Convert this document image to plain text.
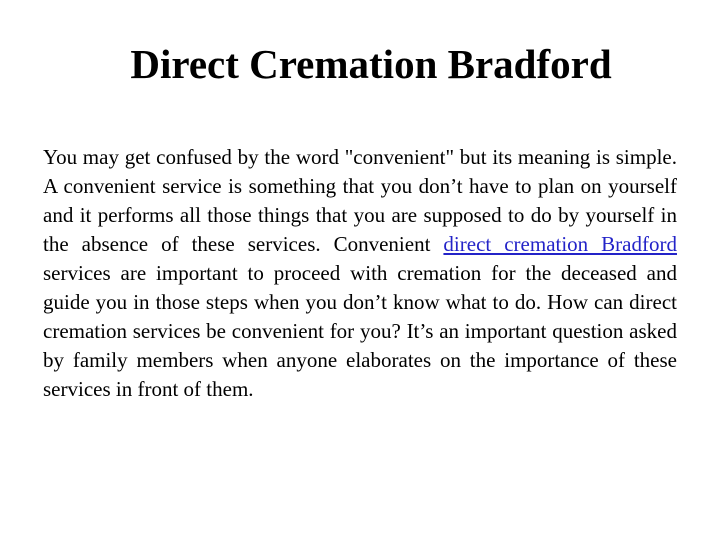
Direct Cremation Bradford

You may get confused by the word "convenient" but its meaning is simple. A convenient service is something that you don’t have to plan on yourself and it performs all those things that you are supposed to do by yourself in the absence of these services. Convenient direct cremation Bradford services are important to proceed with cremation for the deceased and guide you in those steps when you don’t know what to do. How can direct cremation services be convenient for you? It’s an important question asked by family members when anyone elaborates on the importance of these services in front of them.
